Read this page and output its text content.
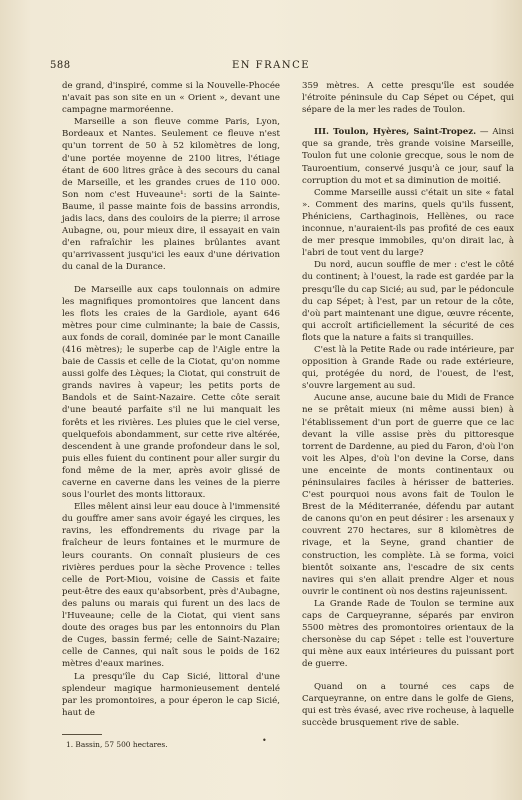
588	EN FRANCE

de grand, d'inspiré, comme si la Nouvelle-Phocée n'avait pas son site en un « Orient », devant une campagne marmoréenne.

Marseille a son fleuve comme Paris, Lyon, Bordeaux et Nantes. Seulement ce fleuve n'est qu'un torrent de 50 à 52 kilomètres de long, d'une portée moyenne de 2100 litres, l'étiage étant de 600 litres grâce à des secours du canal de Marseille, et les grandes crues de 110 000. Son nom c'est Huveaune¹: sorti de la Sainte-Baume, il passe mainte fois de bassins arrondis, jadis lacs, dans des couloirs de la pierre; il arrose Aubagne, ou, pour mieux dire, il essayait en vain d'en rafraîchir les plaines brûlantes avant qu'arrivassent jusqu'ici les eaux d'une dérivation du canal de la Durance.

De Marseille aux caps toulonnais on admire les magnifiques promontoires que lancent dans les flots les craies de la Gardiole, ayant 646 mètres pour cime culminante; la baie de Cassis, aux fonds de corail, dominée par le mont Canaille (416 mètres); le superbe cap de l'Aigle entre la baie de Cassis et celle de la Ciotat, qu'on nomme aussi golfe des Lèques; la Ciotat, qui construit de grands navires à vapeur; les petits ports de Bandols et de Saint-Nazaire. Cette côte serait d'une beauté parfaite s'il ne lui manquait les forêts et les rivières. Les pluies que le ciel verse, quelquefois abondamment, sur cette rive altérée, descendent à une grande profondeur dans le sol, puis elles fuient du continent pour aller surgir du fond même de la mer, après avoir glissé de caverne en caverne dans les veines de la pierre sous l'ourlet des monts littoraux.

Elles mêlent ainsi leur eau douce à l'immensité du gouffre amer sans avoir égayé les cirques, les ravins, les effondrements du rivage par la fraîcheur de leurs fontaines et le murmure de leurs courants. On connaît plusieurs de ces rivières perdues pour la sèche Provence : telles celle de Port-Miou, voisine de Cassis et faite peut-être des eaux qu'absorbent, près d'Aubagne, des paluns ou marais qui furent un des lacs de l'Huveaune; celle de la Ciotat, qui vient sans doute des orages bus par les entonnoirs du Plan de Cuges, bassin fermé; celle de Saint-Nazaire; celle de Cannes, qui naît sous le poids de 162 mètres d'eaux marines.

La presqu'île du Cap Sicié, littoral d'une splendeur magique harmonieusement dentelé par les promontoires, a pour éperon le cap Sicié, haut de

359 mètres. A cette presqu'île est soudée l'étroite péninsule du Cap Sépet ou Cépet, qui sépare de la mer les rades de Toulon.

III. Toulon, Hyères, Saint-Tropez. — Ainsi que sa grande, très grande voisine Marseille, Toulon fut une colonie grecque, sous le nom de Tauroentium, conservé jusqu'à ce jour, sauf la corruption du mot et sa diminution de moitié.

Comme Marseille aussi c'était un site « fatal ». Comment des marins, quels qu'ils fussent, Phéniciens, Carthaginois, Hellènes, ou race inconnue, n'auraient-ils pas profité de ces eaux de mer presque immobiles, qu'on dirait lac, à l'abri de tout vent du large?

Du nord, aucun souffle de mer : c'est le côté du continent; à l'ouest, la rade est gardée par la presqu'île du cap Sicié; au sud, par le pédoncule du cap Sépet; à l'est, par un retour de la côte, d'où part maintenant une digue, œuvre récente, qui accroît artificiellement la sécurité de ces flots que la nature a faits si tranquilles.

C'est là la Petite Rade ou rade intérieure, par opposition à Grande Rade ou rade extérieure, qui, protégée du nord, de l'ouest, de l'est, s'ouvre largement au sud.

Aucune anse, aucune baie du Midi de France ne se prêtait mieux (ni même aussi bien) à l'établissement d'un port de guerre que ce lac devant la ville assise près du pittoresque torrent de Dardenne, au pied du Faron, d'où l'on voit les Alpes, d'où l'on devine la Corse, dans une enceinte de monts continentaux ou péninsulaires faciles à hérisser de batteries. C'est pourquoi nous avons fait de Toulon le Brest de la Méditerranée, défendu par autant de canons qu'on en peut désirer : les arsenaux y couvrent 270 hectares, sur 8 kilomètres de rivage, et la Seyne, grand chantier de construction, les complète. Là se forma, voici bientôt soixante ans, l'escadre de six cents navires qui s'en allait prendre Alger et nous ouvrir le continent où nos destins rajeunissent.

La Grande Rade de Toulon se termine aux caps de Carqueyranne, séparés par environ 5500 mètres des promontoires orientaux de la chersonèse du cap Sépet : telle est l'ouverture qui mène aux eaux intérieures du puissant port de guerre.

Quand on a tourné ces caps de Carqueyranne, on entre dans le golfe de Giens, qui est très évasé, avec rive rocheuse, à laquelle succède brusquement rive de sable.

1. Bassin, 57 500 hectares.	•
